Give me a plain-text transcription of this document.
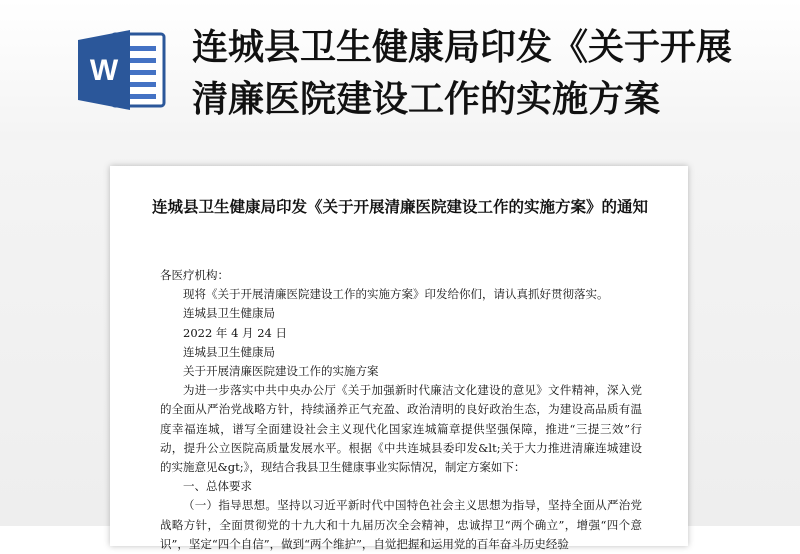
W
连城县卫生健康局印发《关于开展清廉医院建设工作的实施方案
连城县卫生健康局印发《关于开展清廉医院建设工作的实施方案》的通知

各医疗机构：

现将《关于开展清廉医院建设工作的实施方案》印发给你们，请认真抓好贯彻落实。

连城县卫生健康局

2022 年 4 月 24 日

连城县卫生健康局

关于开展清廉医院建设工作的实施方案

为进一步落实中共中央办公厅《关于加强新时代廉洁文化建设的意见》文件精神，深入党的全面从严治党战略方针，持续涵养正气充盈、政治清明的良好政治生态，为建设高品质有温度幸福连城，谱写全面建设社会主义现代化国家连城篇章提供坚强保障，推进“三提三效”行动，提升公立医院高质量发展水平。根据《中共连城县委印发&lt;关于大力推进清廉连城建设的实施意见&gt;》，现结合我县卫生健康事业实际情况，制定方案如下：

一、总体要求

（一）指导思想。坚持以习近平新时代中国特色社会主义思想为指导，坚持全面从严治党战略方针，全面贯彻党的十九大和十九届历次全会精神，忠诚捍卫“两个确立”，增强“四个意识”，坚定“四个自信”，做到“两个维护”，自觉把握和运用党的百年奋斗历史经验
